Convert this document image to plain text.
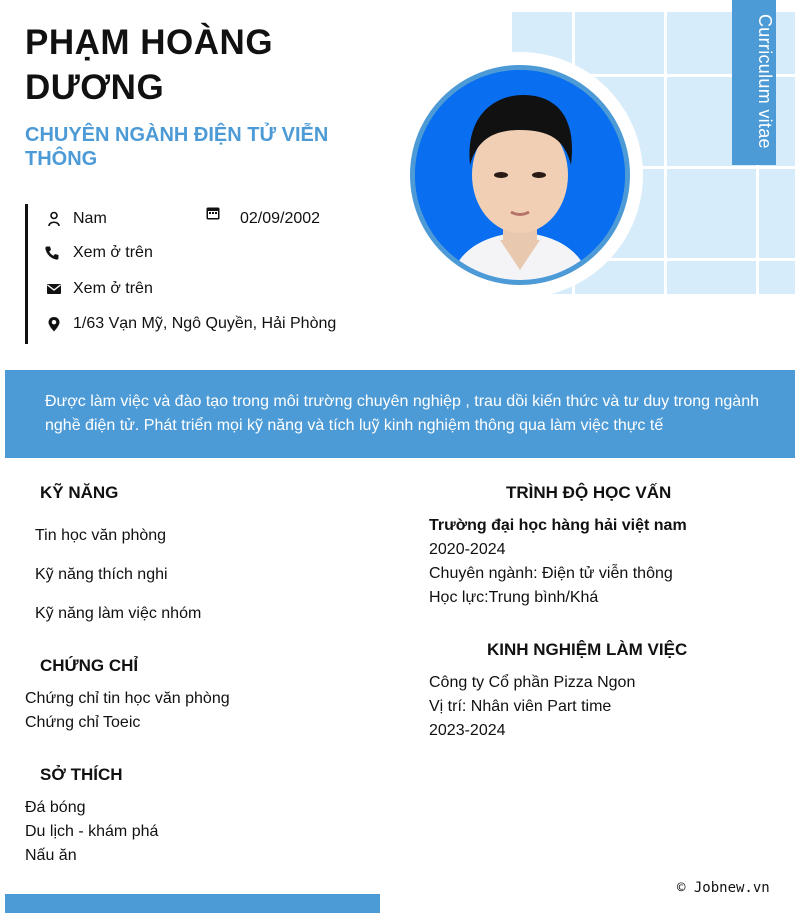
Curriculum vitae
PHẠM HOÀNG
DƯƠNG
CHUYÊN NGÀNH ĐIỆN TỬ VIỄN THÔNG
Nam	02/09/2002
Xem ở trên
Xem ở trên
1/63 Vạn Mỹ, Ngô Quyền, Hải Phòng

Được làm việc và đào tạo trong môi trường chuyên nghiệp , trau dồi kiến thức và tư duy trong ngành nghề điện tử. Phát triển mọi kỹ năng và tích luỹ kinh nghiệm thông qua làm việc thực tế

KỸ NĂNG
Tin học văn phòng
Kỹ năng thích nghi
Kỹ năng làm việc nhóm
CHỨNG CHỈ
Chứng chỉ tin học văn phòng
Chứng chỉ Toeic
SỞ THÍCH
Đá bóng
Du lịch - khám phá
Nấu ăn
TRÌNH ĐỘ HỌC VẤN
Trường đại học hàng hải việt nam
2020-2024
Chuyên ngành: Điện tử viễn thông
Học lực:Trung bình/Khá
KINH NGHIỆM LÀM VIỆC
Công ty Cổ phần Pizza Ngon
Vị trí: Nhân viên Part time
2023-2024
© Jobnew.vn
